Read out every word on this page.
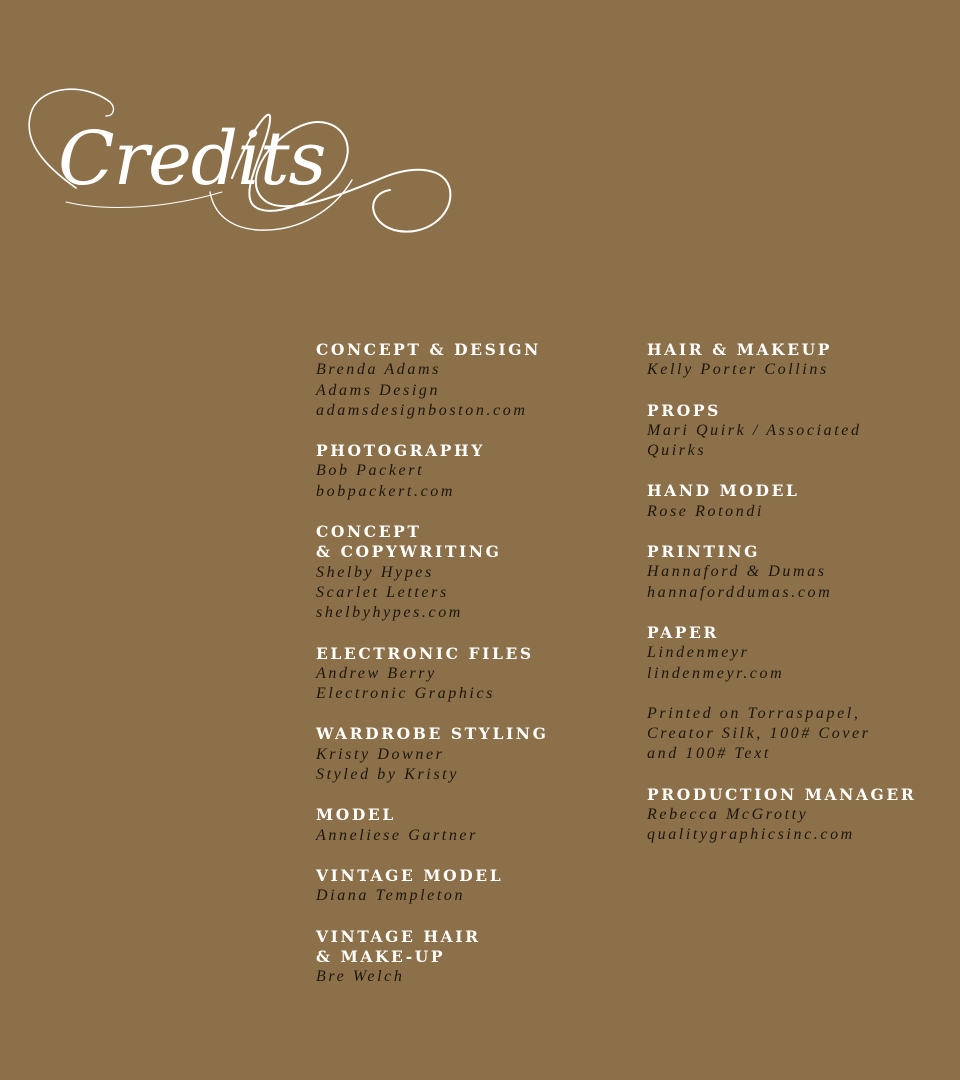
Credits
CONCEPT & DESIGN
Brenda Adams
Adams Design
adamsdesignboston.com
PHOTOGRAPHY
Bob Packert
bobpackert.com
CONCEPT
& COPYWRITING
Shelby Hypes
Scarlet Letters
shelbyhypes.com
ELECTRONIC FILES
Andrew Berry
Electronic Graphics
WARDROBE STYLING
Kristy Downer
Styled by Kristy
MODEL
Anneliese Gartner
VINTAGE MODEL
Diana Templeton
VINTAGE HAIR
& MAKE-UP
Bre Welch
HAIR & MAKEUP
Kelly Porter Collins
PROPS
Mari Quirk / Associated
Quirks
HAND MODEL
Rose Rotondi
PRINTING
Hannaford & Dumas
hannaforddumas.com
PAPER
Lindenmeyr
lindenmeyr.com
Printed on Torraspapel,
Creator Silk, 100# Cover
and 100# Text
PRODUCTION MANAGER
Rebecca McGrotty
qualitygraphicsinc.com
